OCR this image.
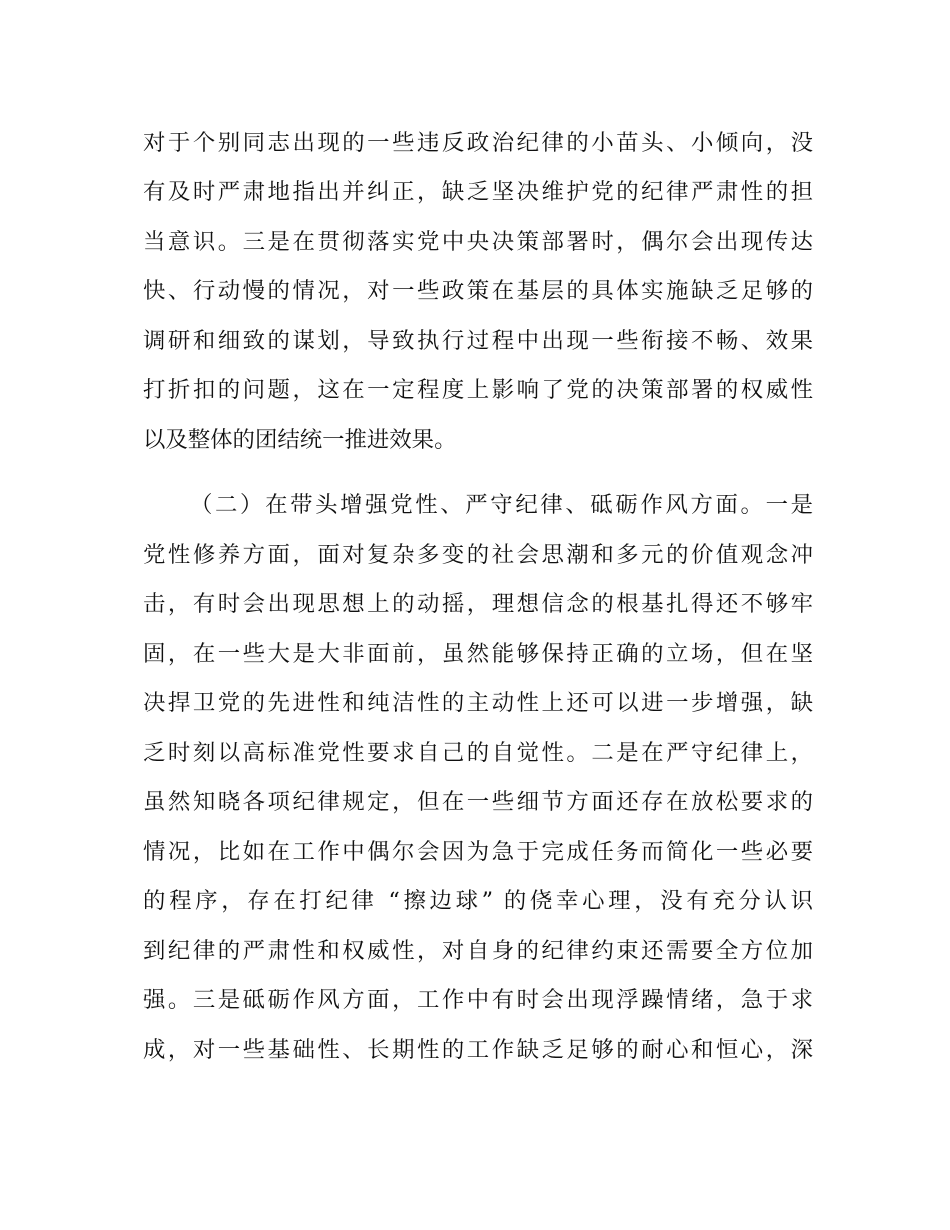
对于个别同志出现的一些违反政治纪律的小苗头、小倾向，没
有及时严肃地指出并纠正，缺乏坚决维护党的纪律严肃性的担
当意识。三是在贯彻落实党中央决策部署时，偶尔会出现传达
快、行动慢的情况，对一些政策在基层的具体实施缺乏足够的
调研和细致的谋划，导致执行过程中出现一些衔接不畅、效果
打折扣的问题，这在一定程度上影响了党的决策部署的权威性
以及整体的团结统一推进效果。
（二）在带头增强党性、严守纪律、砥砺作风方面。一是
党性修养方面，面对复杂多变的社会思潮和多元的价值观念冲
击，有时会出现思想上的动摇，理想信念的根基扎得还不够牢
固，在一些大是大非面前，虽然能够保持正确的立场，但在坚
决捍卫党的先进性和纯洁性的主动性上还可以进一步增强，缺
乏时刻以高标准党性要求自己的自觉性。二是在严守纪律上，
虽然知晓各项纪律规定，但在一些细节方面还存在放松要求的
情况，比如在工作中偶尔会因为急于完成任务而简化一些必要
的程序，存在打纪律 “擦边球” 的侥幸心理，没有充分认识
到纪律的严肃性和权威性，对自身的纪律约束还需要全方位加
强。三是砥砺作风方面，工作中有时会出现浮躁情绪，急于求
成，对一些基础性、长期性的工作缺乏足够的耐心和恒心，深
